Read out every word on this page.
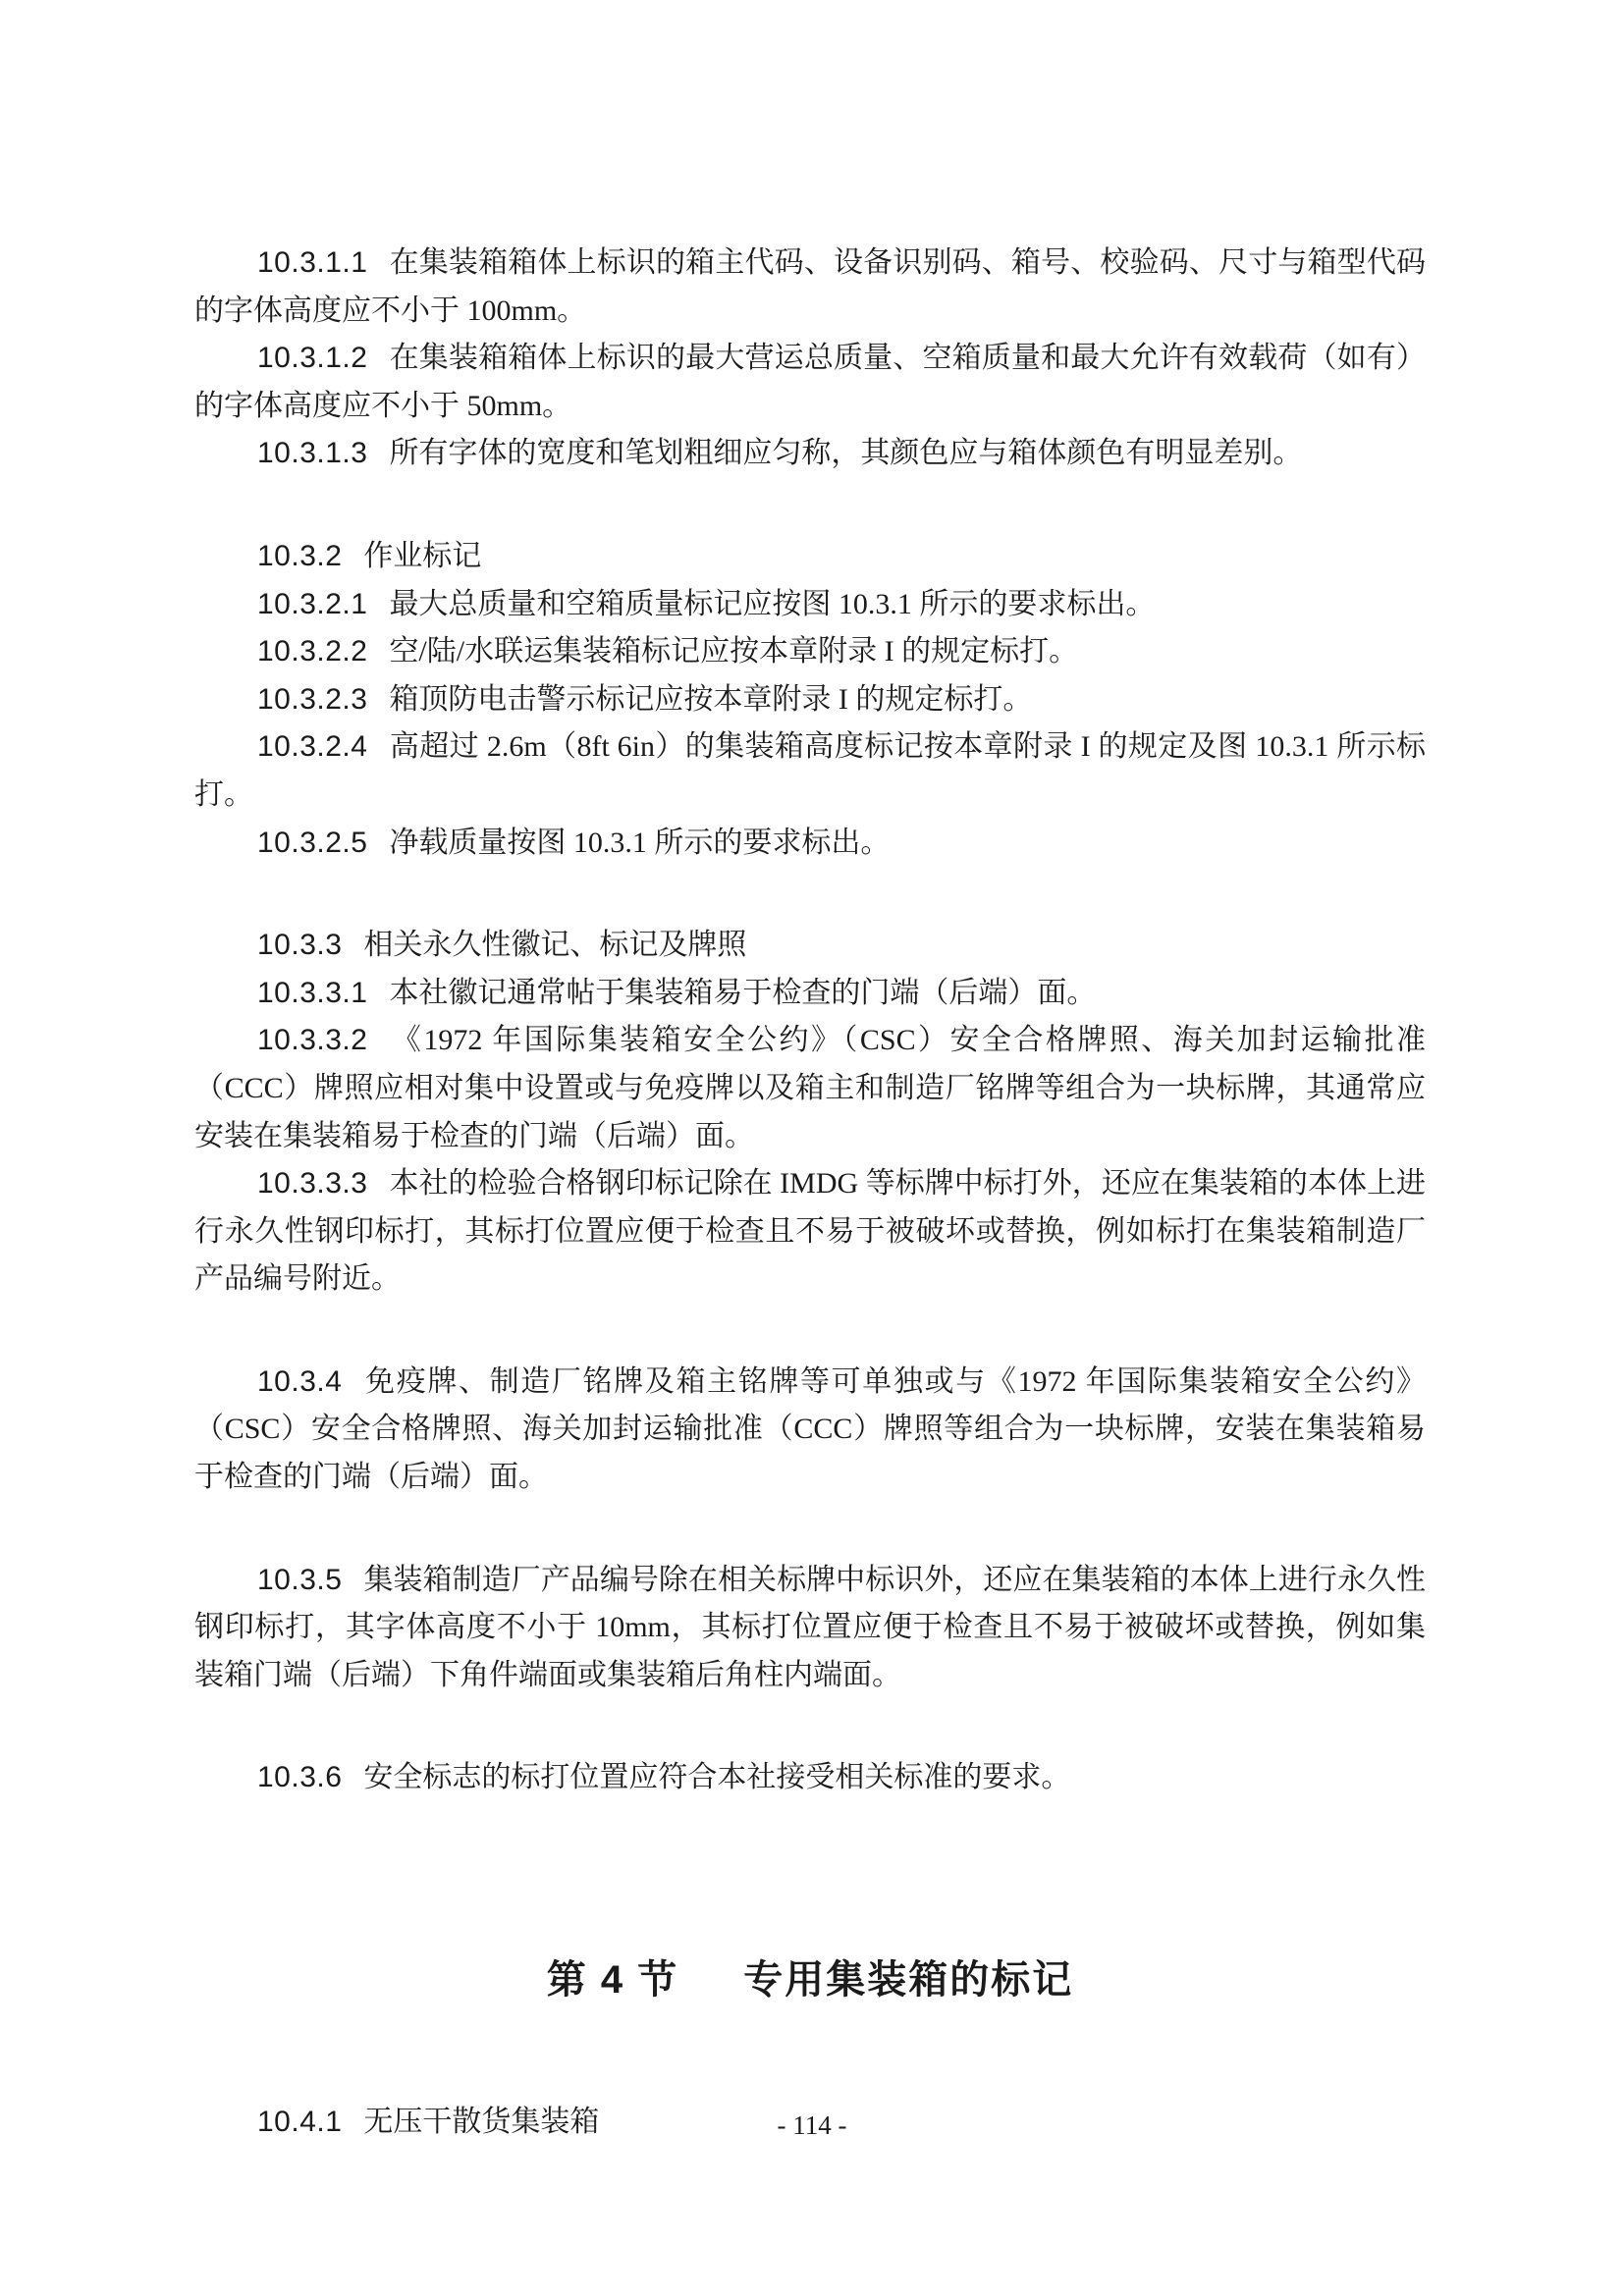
10.3.1.1 在集装箱箱体上标识的箱主代码、设备识别码、箱号、校验码、尺寸与箱型代码的字体高度应不小于 100mm。

10.3.1.2 在集装箱箱体上标识的最大营运总质量、空箱质量和最大允许有效载荷（如有）的字体高度应不小于 50mm。

10.3.1.3 所有字体的宽度和笔划粗细应匀称，其颜色应与箱体颜色有明显差别。

10.3.2 作业标记

10.3.2.1 最大总质量和空箱质量标记应按图 10.3.1 所示的要求标出。

10.3.2.2 空/陆/水联运集装箱标记应按本章附录 I 的规定标打。

10.3.2.3 箱顶防电击警示标记应按本章附录 I 的规定标打。

10.3.2.4 高超过 2.6m（8ft 6in）的集装箱高度标记按本章附录 I 的规定及图 10.3.1 所示标打。

10.3.2.5 净载质量按图 10.3.1 所示的要求标出。

10.3.3 相关永久性徽记、标记及牌照

10.3.3.1 本社徽记通常帖于集装箱易于检查的门端（后端）面。

10.3.3.2 《1972 年国际集装箱安全公约》（CSC）安全合格牌照、海关加封运输批准（CCC）牌照应相对集中设置或与免疫牌以及箱主和制造厂铭牌等组合为一块标牌，其通常应安装在集装箱易于检查的门端（后端）面。

10.3.3.3 本社的检验合格钢印标记除在 IMDG 等标牌中标打外，还应在集装箱的本体上进行永久性钢印标打，其标打位置应便于检查且不易于被破坏或替换，例如标打在集装箱制造厂产品编号附近。

10.3.4 免疫牌、制造厂铭牌及箱主铭牌等可单独或与《1972 年国际集装箱安全公约》（CSC）安全合格牌照、海关加封运输批准（CCC）牌照等组合为一块标牌，安装在集装箱易于检查的门端（后端）面。

10.3.5 集装箱制造厂产品编号除在相关标牌中标识外，还应在集装箱的本体上进行永久性钢印标打，其字体高度不小于 10mm，其标打位置应便于检查且不易于被破坏或替换，例如集装箱门端（后端）下角件端面或集装箱后角柱内端面。

10.3.6 安全标志的标打位置应符合本社接受相关标准的要求。

第 4 节 专用集装箱的标记

10.4.1 无压干散货集装箱	- 114 -
